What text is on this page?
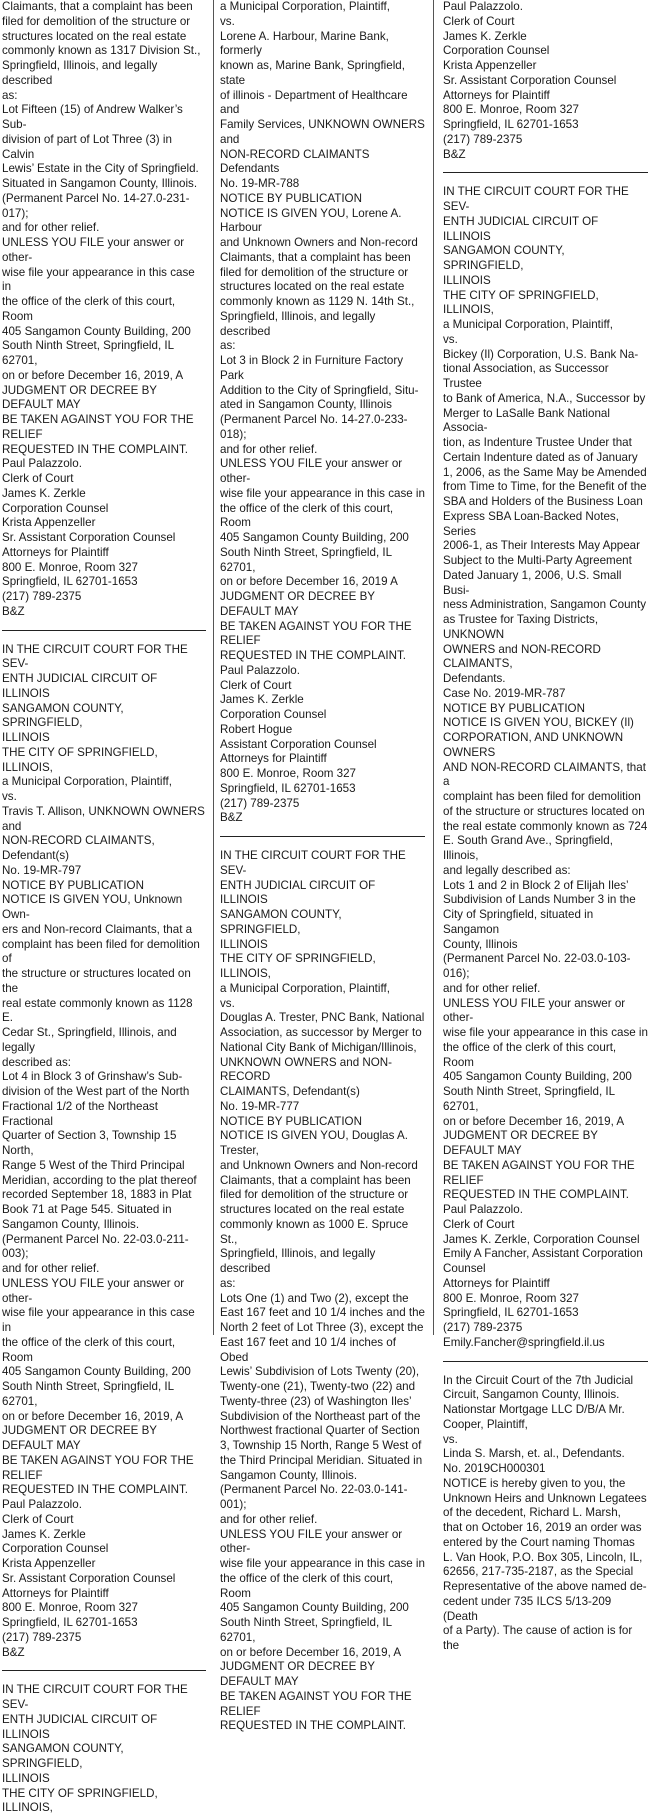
Claimants, that a complaint has been
filed for demolition of the structure or
structures located on the real estate
commonly known as 1317 Division St.,
Springfield, Illinois, and legally described
as:
Lot Fifteen (15) of Andrew Walker’s Sub-
division of part of Lot Three (3) in Calvin
Lewis’ Estate in the City of Springfield.
Situated in Sangamon County, Illinois.
(Permanent Parcel No. 14-27.0-231-
017);
and for other relief.
UNLESS YOU FILE your answer or other-
wise file your appearance in this case in
the office of the clerk of this court, Room
405 Sangamon County Building, 200
South Ninth Street, Springfield, IL 62701,
on or before December 16, 2019, A
JUDGMENT OR DECREE BY DEFAULT MAY
BE TAKEN AGAINST YOU FOR THE RELIEF
REQUESTED IN THE COMPLAINT.
Paul Palazzolo.
Clerk of Court
James K. Zerkle
Corporation Counsel
Krista Appenzeller
Sr. Assistant Corporation Counsel
Attorneys for Plaintiff
800 E. Monroe, Room 327
Springfield, IL 62701-1653
(217) 789-2375
B&Z

IN THE CIRCUIT COURT FOR THE SEV-
ENTH JUDICIAL CIRCUIT OF ILLINOIS
SANGAMON COUNTY, SPRINGFIELD,
ILLINOIS
THE CITY OF SPRINGFIELD, ILLINOIS,
a Municipal Corporation, Plaintiff,
vs.
Travis T. Allison, UNKNOWN OWNERS and
NON-RECORD CLAIMANTS, Defendant(s)
No. 19-MR-797
NOTICE BY PUBLICATION
NOTICE IS GIVEN YOU, Unknown Own-
ers and Non-record Claimants, that a
complaint has been filed for demolition of
the structure or structures located on the
real estate commonly known as 1128 E.
Cedar St., Springfield, Illinois, and legally
described as:
Lot 4 in Block 3 of Grinshaw’s Sub-
division of the West part of the North
Fractional 1/2 of the Northeast Fractional
Quarter of Section 3, Township 15 North,
Range 5 West of the Third Principal
Meridian, according to the plat thereof
recorded September 18, 1883 in Plat
Book 71 at Page 545. Situated in
Sangamon County, Illinois.
(Permanent Parcel No. 22-03.0-211-
003);
and for other relief.
UNLESS YOU FILE your answer or other-
wise file your appearance in this case in
the office of the clerk of this court, Room
405 Sangamon County Building, 200
South Ninth Street, Springfield, IL 62701,
on or before December 16, 2019, A
JUDGMENT OR DECREE BY DEFAULT MAY
BE TAKEN AGAINST YOU FOR THE RELIEF
REQUESTED IN THE COMPLAINT.
Paul Palazzolo.
Clerk of Court
James K. Zerkle
Corporation Counsel
Krista Appenzeller
Sr. Assistant Corporation Counsel
Attorneys for Plaintiff
800 E. Monroe, Room 327
Springfield, IL 62701-1653
(217) 789-2375
B&Z

IN THE CIRCUIT COURT FOR THE SEV-
ENTH JUDICIAL CIRCUIT OF ILLINOIS
SANGAMON COUNTY, SPRINGFIELD,
ILLINOIS
THE CITY OF SPRINGFIELD, ILLINOIS,

a Municipal Corporation, Plaintiff,
vs.
Lorene A. Harbour, Marine Bank, formerly
known as, Marine Bank, Springfield, state
of illinois - Department of Healthcare and
Family Services, UNKNOWN OWNERS and
NON-RECORD CLAIMANTS
Defendants
No. 19-MR-788
NOTICE BY PUBLICATION
NOTICE IS GIVEN YOU, Lorene A. Harbour
and Unknown Owners and Non-record
Claimants, that a complaint has been
filed for demolition of the structure or
structures located on the real estate
commonly known as 1129 N. 14th St.,
Springfield, Illinois, and legally described
as:
Lot 3 in Block 2 in Furniture Factory Park
Addition to the City of Springfield, Situ-
ated in Sangamon County, Illinois
(Permanent Parcel No. 14-27.0-233-
018);
and for other relief.
UNLESS YOU FILE your answer or other-
wise file your appearance in this case in
the office of the clerk of this court, Room
405 Sangamon County Building, 200
South Ninth Street, Springfield, IL 62701,
on or before December 16, 2019 A
JUDGMENT OR DECREE BY DEFAULT MAY
BE TAKEN AGAINST YOU FOR THE RELIEF
REQUESTED IN THE COMPLAINT.
Paul Palazzolo.
Clerk of Court
James K. Zerkle
Corporation Counsel
Robert Hogue
Assistant Corporation Counsel
Attorneys for Plaintiff
800 E. Monroe, Room 327
Springfield, IL 62701-1653
(217) 789-2375
B&Z

IN THE CIRCUIT COURT FOR THE SEV-
ENTH JUDICIAL CIRCUIT OF ILLINOIS
SANGAMON COUNTY, SPRINGFIELD,
ILLINOIS
THE CITY OF SPRINGFIELD, ILLINOIS,
a Municipal Corporation, Plaintiff,
vs.
Douglas A. Trester, PNC Bank, National
Association, as successor by Merger to
National City Bank of Michigan/Illinois,
UNKNOWN OWNERS and NON-RECORD
CLAIMANTS, Defendant(s)
No. 19-MR-777
NOTICE BY PUBLICATION
NOTICE IS GIVEN YOU, Douglas A. Trester,
and Unknown Owners and Non-record
Claimants, that a complaint has been
filed for demolition of the structure or
structures located on the real estate
commonly known as 1000 E. Spruce St.,
Springfield, Illinois, and legally described
as:
Lots One (1) and Two (2), except the
East 167 feet and 10 1/4 inches and the
North 2 feet of Lot Three (3), except the
East 167 feet and 10 1/4 inches of Obed
Lewis’ Subdivision of Lots Twenty (20),
Twenty-one (21), Twenty-two (22) and
Twenty-three (23) of Washington Iles’
Subdivision of the Northeast part of the
Northwest fractional Quarter of Section
3, Township 15 North, Range 5 West of
the Third Principal Meridian. Situated in
Sangamon County, Illinois.
(Permanent Parcel No. 22-03.0-141-
001);
and for other relief.
UNLESS YOU FILE your answer or other-
wise file your appearance in this case in
the office of the clerk of this court, Room
405 Sangamon County Building, 200
South Ninth Street, Springfield, IL 62701,
on or before December 16, 2019, A
JUDGMENT OR DECREE BY DEFAULT MAY
BE TAKEN AGAINST YOU FOR THE RELIEF
REQUESTED IN THE COMPLAINT.

Paul Palazzolo.
Clerk of Court
James K. Zerkle
Corporation Counsel
Krista Appenzeller
Sr. Assistant Corporation Counsel
Attorneys for Plaintiff
800 E. Monroe, Room 327
Springfield, IL 62701-1653
(217) 789-2375
B&Z

IN THE CIRCUIT COURT FOR THE SEV-
ENTH JUDICIAL CIRCUIT OF ILLINOIS
SANGAMON COUNTY, SPRINGFIELD,
ILLINOIS
THE CITY OF SPRINGFIELD, ILLINOIS,
a Municipal Corporation, Plaintiff,
vs.
Bickey (Il) Corporation, U.S. Bank Na-
tional Association, as Successor Trustee
to Bank of America, N.A., Successor by
Merger to LaSalle Bank National Associa-
tion, as Indenture Trustee Under that
Certain Indenture dated as of January
1, 2006, as the Same May be Amended
from Time to Time, for the Benefit of the
SBA and Holders of the Business Loan
Express SBA Loan-Backed Notes, Series
2006-1, as Their Interests May Appear
Subject to the Multi-Party Agreement
Dated January 1, 2006, U.S. Small Busi-
ness Administration, Sangamon County
as Trustee for Taxing Districts, UNKNOWN
OWNERS and NON-RECORD CLAIMANTS,
Defendants.
Case No. 2019-MR-787
NOTICE BY PUBLICATION
NOTICE IS GIVEN YOU, BICKEY (Il)
CORPORATION, AND UNKNOWN OWNERS
AND NON-RECORD CLAIMANTS, that a
complaint has been filed for demolition
of the structure or structures located on
the real estate commonly known as 724
E. South Grand Ave., Springfield, Illinois,
and legally described as:
Lots 1 and 2 in Block 2 of Elijah Iles’
Subdivision of Lands Number 3 in the
City of Springfield, situated in Sangamon
County, Illinois
(Permanent Parcel No. 22-03.0-103-
016);
and for other relief.
UNLESS YOU FILE your answer or other-
wise file your appearance in this case in
the office of the clerk of this court, Room
405 Sangamon County Building, 200
South Ninth Street, Springfield, IL 62701,
on or before December 16, 2019, A
JUDGMENT OR DECREE BY DEFAULT MAY
BE TAKEN AGAINST YOU FOR THE RELIEF
REQUESTED IN THE COMPLAINT.
Paul Palazzolo.
Clerk of Court
James K. Zerkle, Corporation Counsel
Emily A Fancher, Assistant Corporation
Counsel
Attorneys for Plaintiff
800 E. Monroe, Room 327
Springfield, IL 62701-1653
(217) 789-2375
Emily.Fancher@springfield.il.us

In the Circuit Court of the 7th Judicial
Circuit, Sangamon County, Illinois.
Nationstar Mortgage LLC D/B/A Mr.
Cooper, Plaintiff,
vs.
Linda S. Marsh, et. al., Defendants.
No. 2019CH000301
NOTICE is hereby given to you, the
Unknown Heirs and Unknown Legatees
of the decedent, Richard L. Marsh,
that on October 16, 2019 an order was
entered by the Court naming Thomas
L. Van Hook, P.O. Box 305, Lincoln, IL,
62656, 217-735-2187, as the Special
Representative of the above named de-
cedent under 735 ILCS 5/13-209 (Death
of a Party). The cause of action is for the
